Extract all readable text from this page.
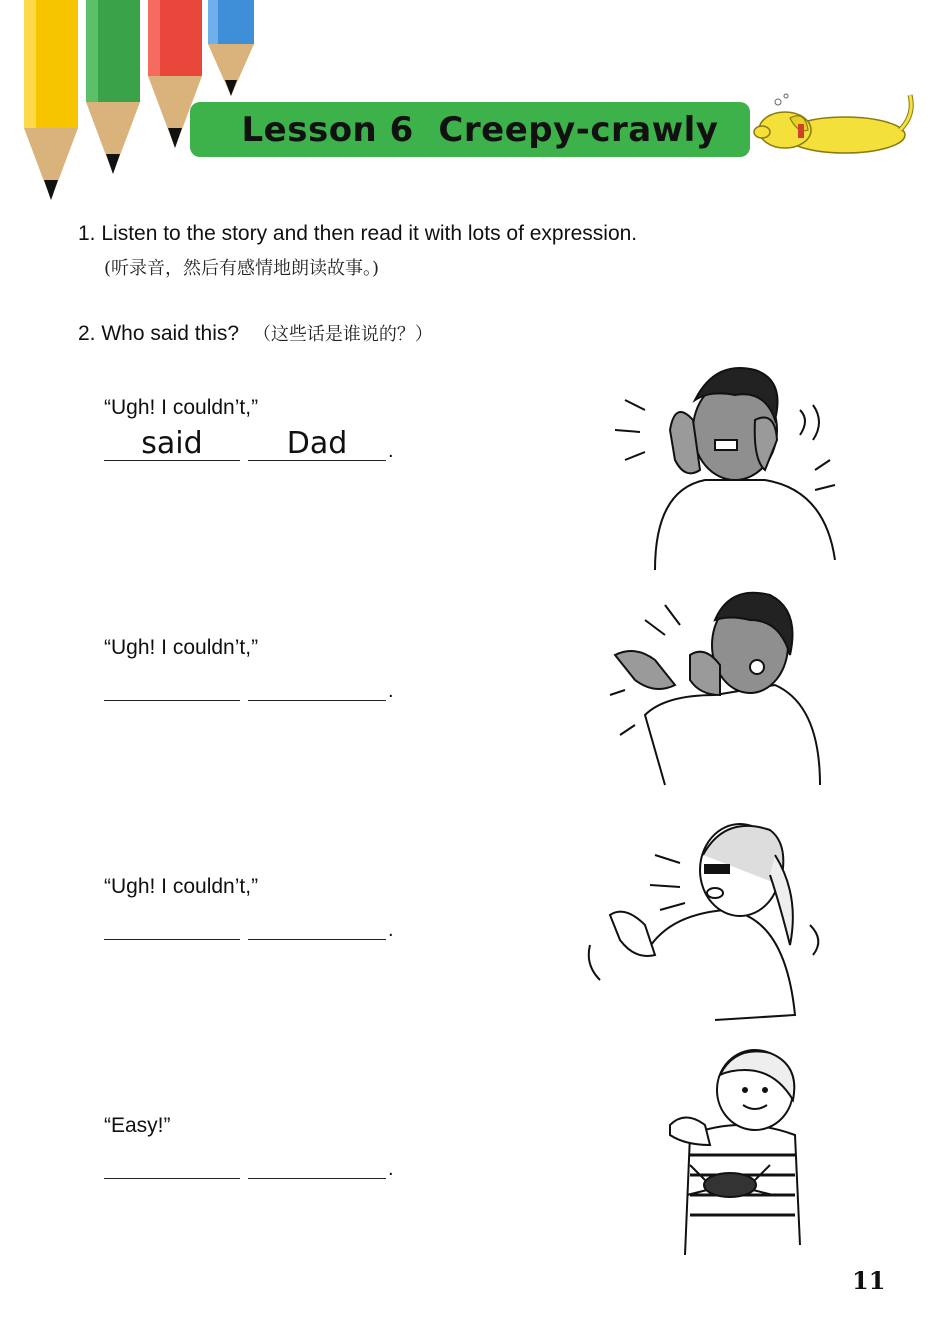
Lesson 6  Creepy-crawly
1. Listen to the story and then read it with lots of expression.
(听录音，然后有感情地朗读故事。)
2. Who said this? （这些话是谁说的？）
“Ugh! I couldn’t,”
said	Dad .
“Ugh! I couldn’t,”
.
“Ugh! I couldn’t,”
.
“Easy!”
.
11
